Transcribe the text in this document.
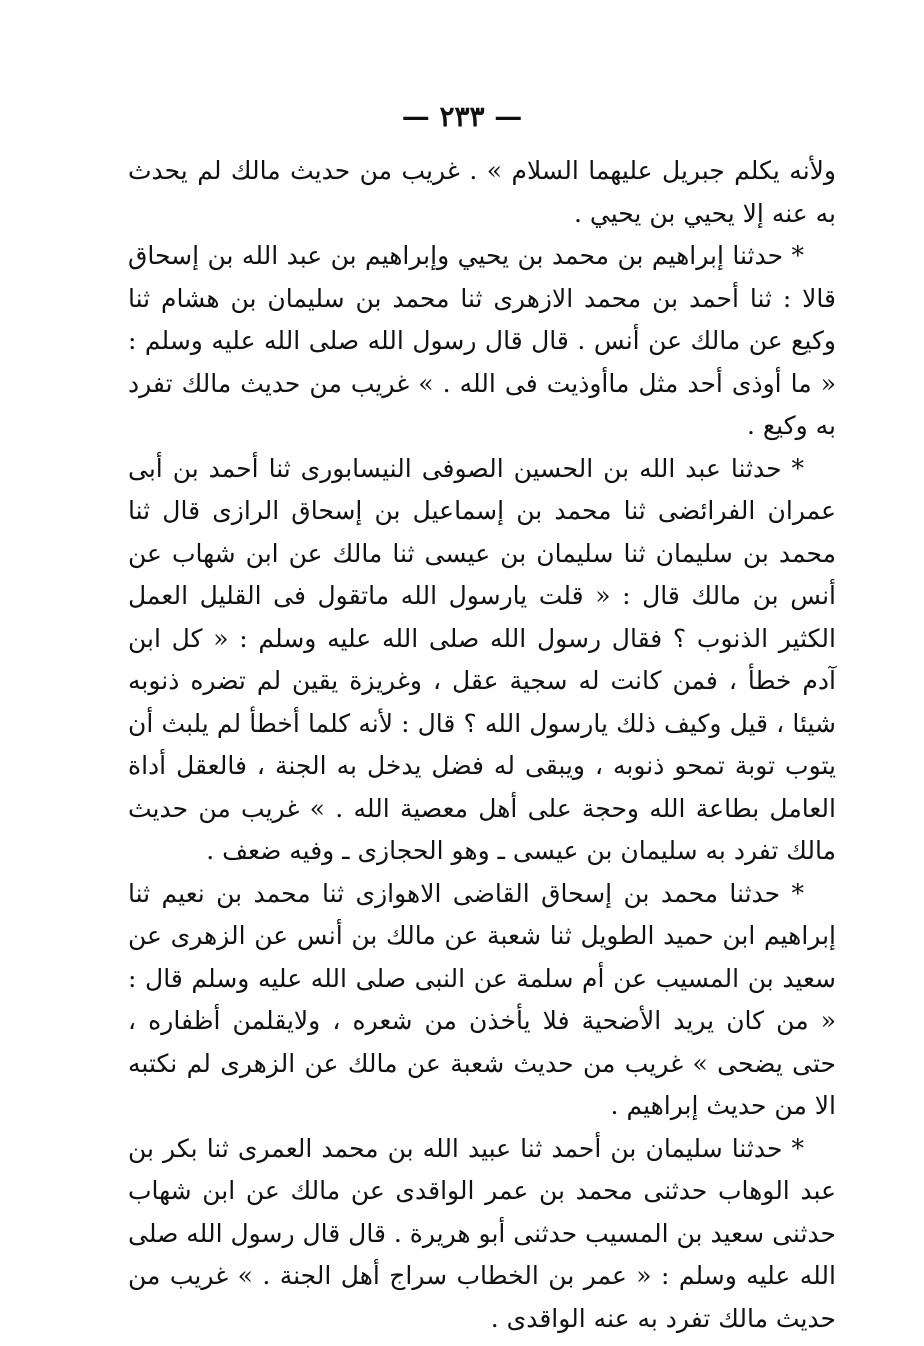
— ٢٣٣ —

ولأنه يكلم جبريل عليهما السلام » . غريب من حديث مالك لم يحدث به عنه إلا يحيي بن يحيي .

* حدثنا إبراهيم بن محمد بن يحيي وإبراهيم بن عبد الله بن إسحاق قالا : ثنا أحمد بن محمد الازهرى ثنا محمد بن سليمان بن هشام ثنا وكيع عن مالك عن أنس . قال قال رسول الله صلى الله عليه وسلم : « ما أوذى أحد مثل ماأوذيت فى الله . » غريب من حديث مالك تفرد به وكيع .

* حدثنا عبد الله بن الحسين الصوفى النيسابورى ثنا أحمد بن أبى عمران الفرائضى ثنا محمد بن إسماعيل بن إسحاق الرازى قال ثنا محمد بن سليمان ثنا سليمان بن عيسى ثنا مالك عن ابن شهاب عن أنس بن مالك قال : « قلت يارسول الله ماتقول فى القليل العمل الكثير الذنوب ؟ فقال رسول الله صلى الله عليه وسلم : « كل ابن آدم خطأ ، فمن كانت له سجية عقل ، وغريزة يقين لم تضره ذنوبه شيئا ، قيل وكيف ذلك يارسول الله ؟ قال : لأنه كلما أخطأ لم يلبث أن يتوب توبة تمحو ذنوبه ، ويبقى له فضل يدخل به الجنة ، فالعقل أداة العامل بطاعة الله وحجة على أهل معصية الله . » غريب من حديث مالك تفرد به سليمان بن عيسى ـ وهو الحجازى ـ وفيه ضعف .

* حدثنا محمد بن إسحاق القاضى الاهوازى ثنا محمد بن نعيم ثنا إبراهيم ابن حميد الطويل ثنا شعبة عن مالك بن أنس عن الزهرى عن سعيد بن المسيب عن أم سلمة عن النبى صلى الله عليه وسلم قال : « من كان يريد الأضحية فلا يأخذن من شعره ، ولايقلمن أظفاره ، حتى يضحى » غريب من حديث شعبة عن مالك عن الزهرى لم نكتبه الا من حديث إبراهيم .

* حدثنا سليمان بن أحمد ثنا عبيد الله بن محمد العمرى ثنا بكر بن عبد الوهاب حدثنى محمد بن عمر الواقدى عن مالك عن ابن شهاب حدثنى سعيد بن المسيب حدثنى أبو هريرة . قال قال رسول الله صلى الله عليه وسلم : « عمر بن الخطاب سراج أهل الجنة . » غريب من حديث مالك تفرد به عنه الواقدى .
